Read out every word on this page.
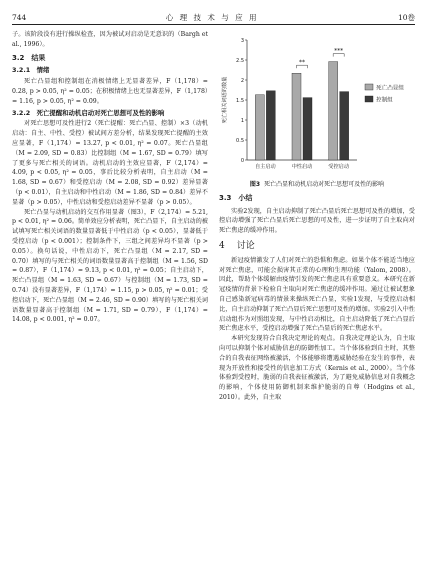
744	心 理 技 术 与 应 用	10卷

子。该阶段没有进行操纵检查，因为被试对启动是无意识的（Bargh et al., 1996）。

3.2　结果
3.2.1　情绪

死亡凸显组和控制组在消极情绪上无显著差异，F（1,178）= 0.28, p > 0.05, η² = 0.05；在积极情绪上也无显著差异，F（1,178）= 1.16, p > 0.05, η² = 0.09。

3.2.2　死亡提醒和动机启动对死亡思想可及性的影响

对死亡思想可及性进行2（死亡提醒：死亡凸显、控制）×3（动机启动：自主、中性、受控）被试间方差分析，结果发现死亡提醒的主效应显著，F（1,174）= 13.27, p < 0.01, η² = 0.07。死亡凸显组（M = 2.09, SD = 0.83）比控制组（M = 1.67, SD = 0.79）填写了更多与死亡相关的词语。动机启动的主效应显著，F（2,174）= 4.09, p < 0.05, η² = 0.05，事后比较分析表明，自主启动（M = 1.68, SD = 0.67）和受控启动（M = 2.08, SD = 0.92）差异显著（p < 0.01），自主启动和中性启动（M = 1.86, SD = 0.84）差异不显著（p > 0.05），中性启动和受控启动差异不显著（p > 0.05）。

死亡凸显与动机启动的交互作用显著（图3），F（2,174）= 5.21, p < 0.01, η² = 0.06。简单效应分析表明，死亡凸显下，自主启动的被试填写死亡相关词语的数量显著低于中性启动（p < 0.05），显著低于受控启动（p < 0.001）；控制条件下，三组之间差异均不显著（p > 0.05）。换句话说，中性启动下，死亡凸显组（M = 2.17, SD = 0.70）填写的与死亡相关的词语数量显著高于控制组（M = 1.56, SD = 0.87），F（1,174）= 9.13, p < 0.01, η² = 0.05；自主启动下，死亡凸显组（M = 1.63, SD = 0.67）与控制组（M = 1.73, SD = 0.74）没有显著差异，F（1,174）= 1.15, p > 0.05, η² = 0.01；受控启动下，死亡凸显组（M = 2.46, SD = 0.90）填写的与死亡相关词语数量显著高于控制组（M = 1.71, SD = 0.79），F（1,174）= 14.08, p < 0.001, η² = 0.07。

0
0.5
1
1.5
2
2.5
3
死亡相关词语的数量
自主启动	中性启动
**
受控启动
***
死亡凸显组
控制组
图3 死亡凸显和动机启动对死亡思想可及性的影响
3.3　小结

实验2发现，自主启动抑制了死亡凸显后死亡思想可及性的增加，受控启动增强了死亡凸显后死亡思想的可及性，进一步证明了自主取向对死亡焦虑的缓冲作用。

4 讨论

新冠疫情激发了人们对死亡的恐惧和焦虑。如果个体不能适当地应对死亡焦虑，可能会损害其正常的心理和生理功能（Yalom, 2008）。因此，帮助个体缓解由疫情引发的死亡焦虑具有重要意义。本研究在新冠疫情的背景下检验自主取向对死亡焦虑的缓冲作用。通过让被试想象自己感染新冠病毒的情景来操纵死亡凸显，实验1发现，与受控启动相比，自主启动抑制了死亡凸显后死亡思想可及性的增加。实验2引入中性启动组作为对照组发现，与中性启动相比，自主启动降低了死亡凸显后死亡焦虑水平，受控启动增强了死亡凸显后的死亡焦虑水平。

本研究发现符合自我决定理论的观点。自我决定理论认为，自主取向可以抑制个体对威胁信息的防御性加工。当个体体验到自主时，其整合的自我表征网络被激活，个体能够将遭遇威胁经验在发生的事件，表现为开放性和接受性的信息加工方式（Kernis et al., 2000）。当个体体验到受控时，脆弱的自我表征被激活，为了避免威胁信息对自我概念的影响，个体使用防御机制来维护脆弱的自尊（Hodgins et al., 2010）。此外，自主取
